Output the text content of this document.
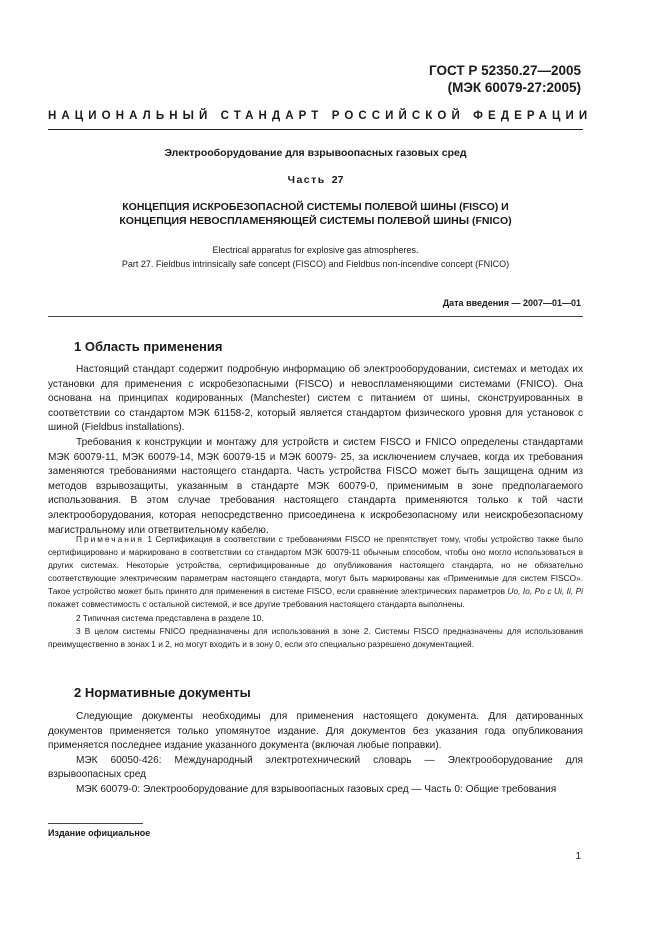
ГОСТ Р 52350.27—2005
(МЭК 60079-27:2005)
НАЦИОНАЛЬНЫЙ СТАНДАРТ РОССИЙСКОЙ ФЕДЕРАЦИИ
Электрооборудование для взрывоопасных газовых сред
Часть 27
КОНЦЕПЦИЯ ИСКРОБЕЗОПАСНОЙ СИСТЕМЫ ПОЛЕВОЙ ШИНЫ (FISCO) И
КОНЦЕПЦИЯ НЕВОСПЛАМЕНЯЮЩЕЙ СИСТЕМЫ ПОЛЕВОЙ ШИНЫ (FNICO)
Electrical apparatus for explosive gas atmospheres.
Part 27. Fieldbus intrinsically safe concept (FISCO) and Fieldbus non-incendive concept (FNICO)
Дата введения — 2007—01—01
1 Область применения

Настоящий стандарт содержит подробную информацию об электрооборудовании, системах и методах их установки для применения с искробезопасными (FISCO) и невоспламеняющими системами (FNICO). Она основана на принципах кодированных (Manchester) систем с питанием от шины, сконструированных в соответствии со стандартом МЭК 61158-2, который является стандартом физического уровня для установок с шиной (Fieldbus installations).

Требования к конструкции и монтажу для устройств и систем FISCO и FNICO определены стандартами МЭК 60079-11, МЭК 60079-14, МЭК 60079-15 и МЭК 60079- 25, за исключением случаев, когда их требования заменяются требованиями настоящего стандарта. Часть устройства FISCO может быть защищена одним из методов взрывозащиты, указанным в стандарте МЭК 60079-0, применимым в зоне предполагаемого использования. В этом случае требования настоящего стандарта применяются только к той части электрооборудования, которая непосредственно присоединена к искробезопасному или неискробезопасному магистральному или ответвительному кабелю.

Примечания 1 Сертификация в соответствии с требованиями FISCO не препятствует тому, чтобы устройство также было сертифицировано и маркировано в соответствии со стандартом МЭК 60079-11 обычным способом, чтобы оно могло использоваться в других системах. Некоторые устройства, сертифицированные до опубликования настоящего стандарта, но не обязательно соответствующие электрическим параметрам настоящего стандарта, могут быть маркированы как «Применимые для систем FISCO». Такое устройство может быть принято для применения в системе FISCO, если сравнение электрических параметров Uo, Io, Po с Ui, Ii, Pi покажет совместимость с остальной системой, и все другие требования настоящего стандарта выполнены.

2 Типичная система представлена в разделе 10.

3 В целом системы FNICO предназначены для использования в зоне 2. Системы FISCO предназначены для использования преимущественно в зонах 1 и 2, но могут входить и в зону 0, если это специально разрешено документацией.

2 Нормативные документы

Следующие документы необходимы для применения настоящего документа. Для датированных документов применяется только упомянутое издание. Для документов без указания года опубликования применяется последнее издание указанного документа (включая любые поправки).

МЭК 60050-426: Международный электротехнический словарь — Электрооборудование для взрывоопасных сред

МЭК 60079-0: Электрооборудование для взрывоопасных газовых сред — Часть 0: Общие требования

Издание официальное
1
